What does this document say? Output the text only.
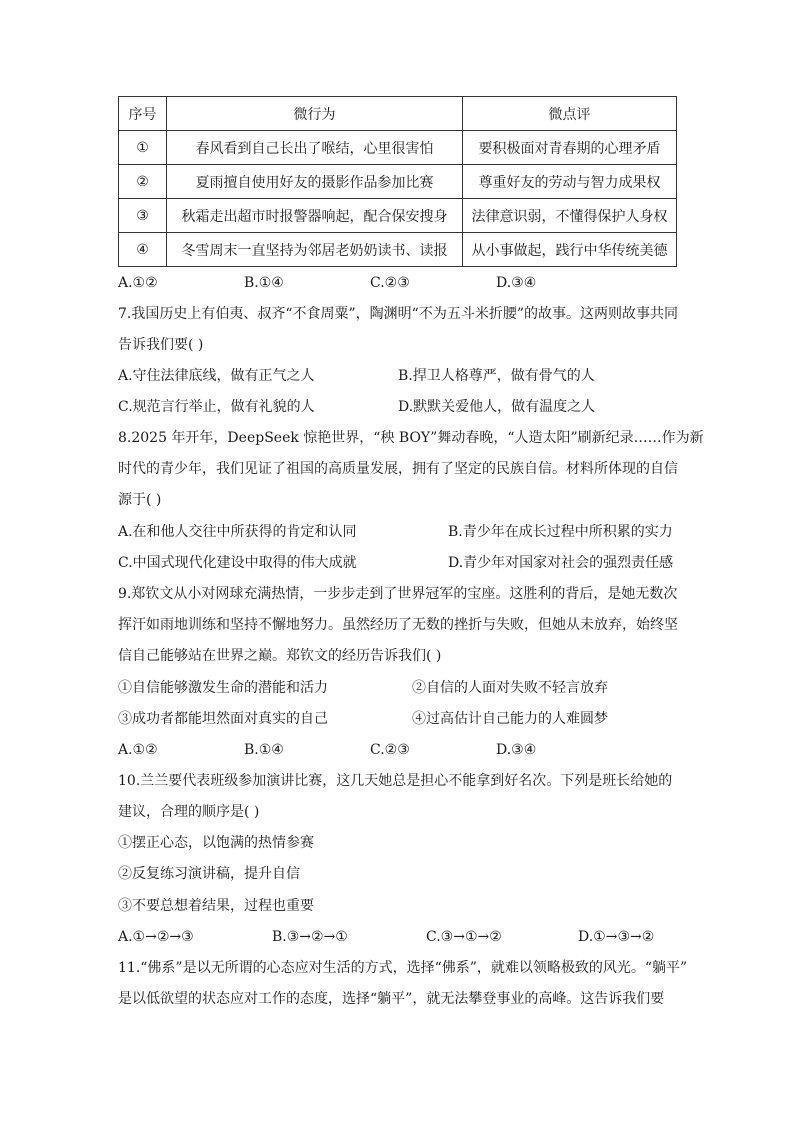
序号	微行为	微点评
①	春风看到自己长出了喉结，心里很害怕	要积极面对青春期的心理矛盾
②	夏雨擅自使用好友的摄影作品参加比赛	尊重好友的劳动与智力成果权
③	秋霜走出超市时报警器响起，配合保安搜身	法律意识弱，不懂得保护人身权
④	冬雪周末一直坚持为邻居老奶奶读书、读报	从小事做起，践行中华传统美德
A.①②	B.①④	C.②③	D.③④
7.我国历史上有伯夷、叔齐“不食周粟”，陶渊明“不为五斗米折腰”的故事。这两则故事共同
告诉我们要( )
A.守住法律底线，做有正气之人	B.捍卫人格尊严，做有骨气的人
C.规范言行举止，做有礼貌的人	D.默默关爱他人，做有温度之人
8.2025 年开年，DeepSeek 惊艳世界，“秧 BOY”舞动春晚，“人造太阳”刷新纪录……作为新
时代的青少年，我们见证了祖国的高质量发展，拥有了坚定的民族自信。材料所体现的自信
源于( )
A.在和他人交往中所获得的肯定和认同	B.青少年在成长过程中所积累的实力
C.中国式现代化建设中取得的伟大成就	D.青少年对国家对社会的强烈责任感
9.郑钦文从小对网球充满热情，一步步走到了世界冠军的宝座。这胜利的背后，是她无数次
挥汗如雨地训练和坚持不懈地努力。虽然经历了无数的挫折与失败，但她从未放弃，始终坚
信自己能够站在世界之巅。郑钦文的经历告诉我们( )
①自信能够激发生命的潜能和活力	②自信的人面对失败不轻言放弃
③成功者都能坦然面对真实的自己	④过高估计自己能力的人难圆梦
A.①②	B.①④	C.②③	D.③④
10.兰兰要代表班级参加演讲比赛，这几天她总是担心不能拿到好名次。下列是班长给她的
建议，合理的顺序是( )
①摆正心态，以饱满的热情参赛
②反复练习演讲稿，提升自信
③不要总想着结果，过程也重要
A.①→②→③	B.③→②→①	C.③→①→②	D.①→③→②
11.“佛系”是以无所谓的心态应对生活的方式，选择“佛系”，就难以领略极致的风光。“躺平”
是以低欲望的状态应对工作的态度，选择“躺平”，就无法攀登事业的高峰。这告诉我们要
